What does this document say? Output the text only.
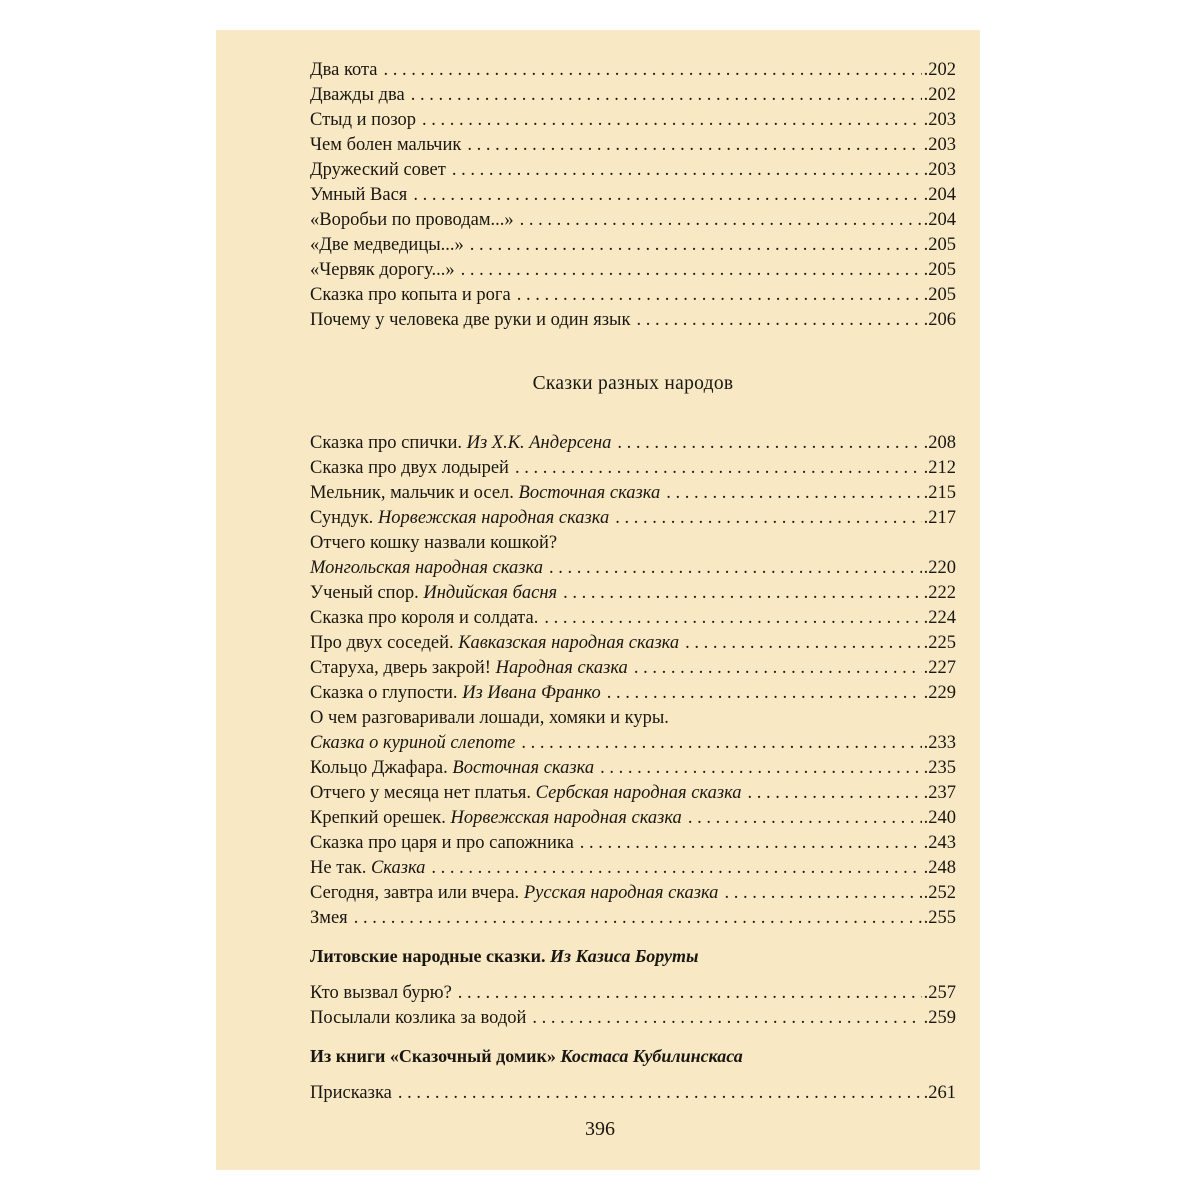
Два кота . . .	.202
Дважды два . . .	.202
Стыд и позор . . .	.203
Чем болен мальчик . . .	.203
Дружеский совет . . .	.203
Умный Вася . . .	.204
«Воробьи по проводам...» . . .	.204
«Две медведицы...» . . .	.205
«Червяк дорогу...» . . .	.205
Сказка про копыта и рога . . .	.205
Почему у человека две руки и один язык . . .	.206
Сказки разных народов
Сказка про спички. Из Х.К. Андерсена . . .	.208
Сказка про двух лодырей . . .	.212
Мельник, мальчик и осел. Восточная сказка . . .	.215
Сундук. Норвежская народная сказка . . .	.217
Отчего кошку назвали кошкой?
Монгольская народная сказка . . .	.220
Ученый спор. Индийская басня . . .	.222
Сказка про короля и солдата. . . .	.224
Про двух соседей. Кавказская народная сказка . . .	.225
Старуха, дверь закрой! Народная сказка . . .	.227
Сказка о глупости. Из Ивана Франко . . .	.229
О чем разговаривали лошади, хомяки и куры.
Сказка о куриной слепоте . . .	.233
Кольцо Джафара. Восточная сказка . . .	.235
Отчего у месяца нет платья. Сербская народная сказка . . .	.237
Крепкий орешек. Норвежская народная сказка . . .	.240
Сказка про царя и про сапожника . . .	.243
Не так. Сказка . . .	.248
Сегодня, завтра или вчера. Русская народная сказка . . .	.252
Змея . . .	.255
Литовские народные сказки. Из Казиса Боруты
Кто вызвал бурю? . . .	.257
Посылали козлика за водой . . .	.259
Из книги «Сказочный домик» Костаса Кубилинскаса
Присказка . . .	.261
396
